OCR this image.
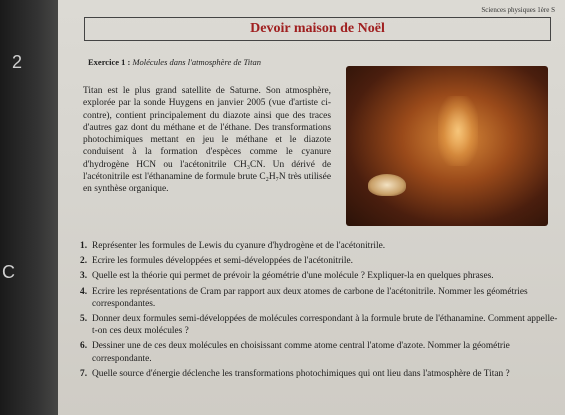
2
C
Sciences physiques 1ère S
Devoir maison de Noël
Exercice 1 : Molécules dans l'atmosphère de Titan
Titan est le plus grand satellite de Saturne. Son atmosphère, explorée par la sonde Huygens en janvier 2005 (vue d'artiste ci-contre), contient principalement du diazote ainsi que des traces d'autres gaz dont du méthane et de l'éthane. Des transformations photochimiques mettant en jeu le méthane et le diazote conduisent à la formation d'espèces comme le cyanure d'hydrogène HCN ou l'acétonitrile CH₃CN. Un dérivé de l'acétonitrile est l'éthanamine de formule brute C₂H₇N très utilisée en synthèse organique.
1. Représenter les formules de Lewis du cyanure d'hydrogène et de l'acétonitrile.
2. Ecrire les formules développées et semi-développées de l'acétonitrile.
3. Quelle est la théorie qui permet de prévoir la géométrie d'une molécule ? Expliquer-la en quelques phrases.
4. Ecrire les représentations de Cram par rapport aux deux atomes de carbone de l'acétonitrile. Nommer les géométries correspondantes.
5. Donner deux formules semi-développées de molécules correspondant à la formule brute de l'éthanamine. Comment appelle-t-on ces deux molécules ?
6. Dessiner une de ces deux molécules en choisissant comme atome central l'atome d'azote. Nommer la géométrie correspondante.
7. Quelle source d'énergie déclenche les transformations photochimiques qui ont lieu dans l'atmosphère de Titan ?
